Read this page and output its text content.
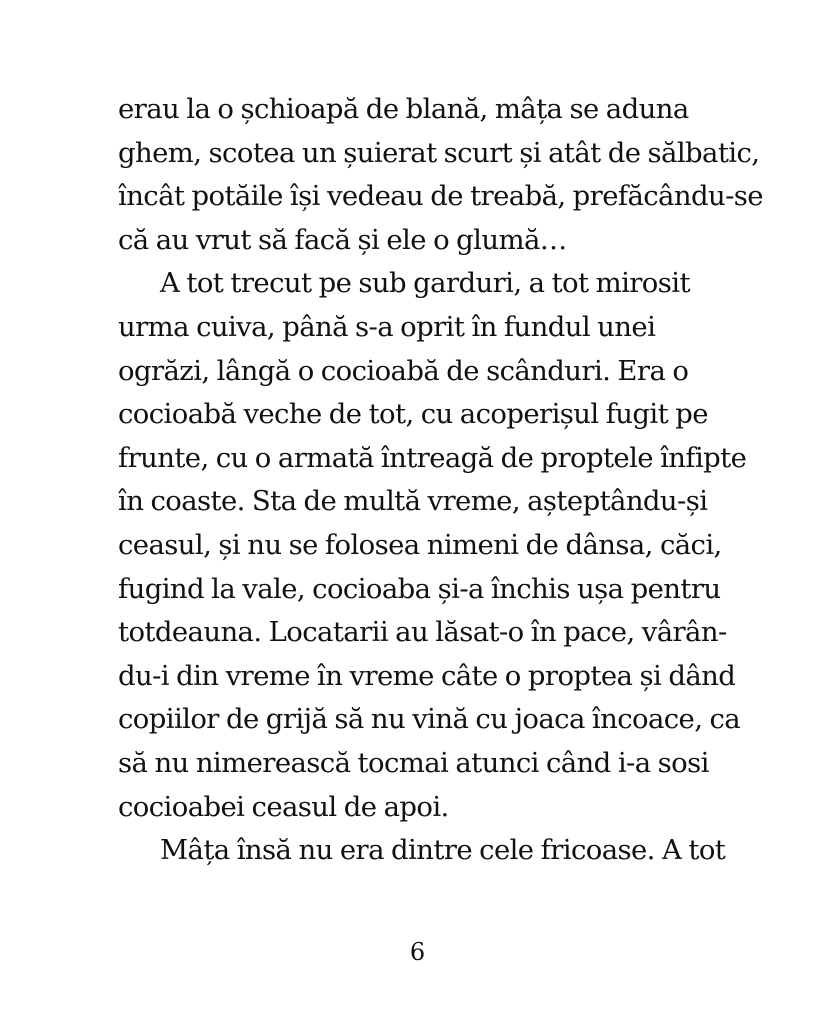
erau la o șchioapă de blană, mâța se aduna
ghem, scotea un șuierat scurt și atât de sălbatic,
încât potăile își vedeau de treabă, prefăcându-se
că au vrut să facă și ele o glumă…
A tot trecut pe sub garduri, a tot mirosit
urma cuiva, până s-a oprit în fundul unei
ogrăzi, lângă o cocioabă de scânduri. Era o
cocioabă veche de tot, cu acoperișul fugit pe
frunte, cu o armată întreagă de proptele înfipte
în coaste. Sta de multă vreme, așteptându-și
ceasul, și nu se folosea nimeni de dânsa, căci,
fugind la vale, cocioaba și-a închis ușa pentru
totdeauna. Locatarii au lăsat-o în pace, vârân-
du-i din vreme în vreme câte o proptea și dând
copiilor de grijă să nu vină cu joaca încoace, ca
să nu nimerească tocmai atunci când i-a sosi
cocioabei ceasul de apoi.
Mâța însă nu era dintre cele fricoase. A tot
6
